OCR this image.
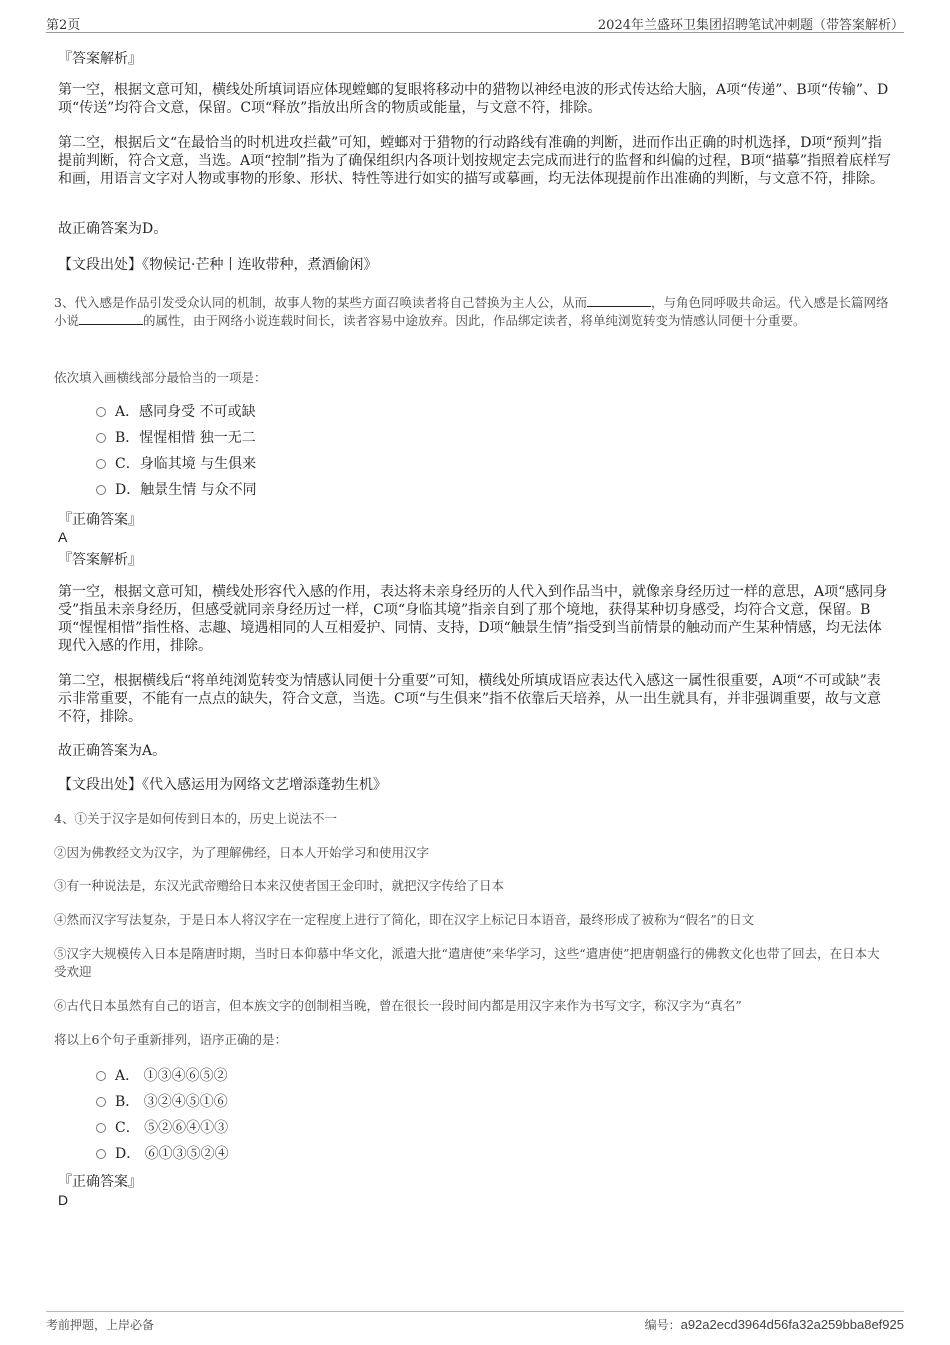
第2页	2024年兰盛环卫集团招聘笔试冲刺题（带答案解析）
『答案解析』

第一空，根据文意可知，横线处所填词语应体现螳螂的复眼将移动中的猎物以神经电波的形式传达给大脑，A项“传递”、B项“传输”、D项“传送”均符合文意，保留。C项“释放”指放出所含的物质或能量，与文意不符，排除。

第二空，根据后文“在最恰当的时机进攻拦截”可知，螳螂对于猎物的行动路线有准确的判断，进而作出正确的时机选择，D项“预判”指提前判断，符合文意，当选。A项“控制”指为了确保组织内各项计划按规定去完成而进行的监督和纠偏的过程，B项“描摹”指照着底样写和画，用语言文字对人物或事物的形象、形状、特性等进行如实的描写或摹画，均无法体现提前作出准确的判断，与文意不符，排除。

故正确答案为D。
【文段出处】《物候记·芒种丨连收带种，煮酒偷闲》

3、代入感是作品引发受众认同的机制，故事人物的某些方面召唤读者将自己替换为主人公，从而	，与角色同呼吸共命运。代入感是长篇网络小说	的属性，由于网络小说连载时间长，读者容易中途放弃。因此，作品绑定读者，将单纯浏览转变为情感认同便十分重要。

依次填入画横线部分最恰当的一项是：
A．感同身受 不可或缺
B．惺惺相惜 独一无二
C．身临其境 与生俱来
D．触景生情 与众不同
『正确答案』
A
『答案解析』

第一空，根据文意可知，横线处形容代入感的作用，表达将未亲身经历的人代入到作品当中，就像亲身经历过一样的意思，A项“感同身受”指虽未亲身经历，但感受就同亲身经历过一样，C项“身临其境”指亲自到了那个境地，获得某种切身感受，均符合文意，保留。B项“惺惺相惜”指性格、志趣、境遇相同的人互相爱护、同情、支持，D项“触景生情”指受到当前情景的触动而产生某种情感，均无法体现代入感的作用，排除。

第二空，根据横线后“将单纯浏览转变为情感认同便十分重要”可知，横线处所填成语应表达代入感这一属性很重要，A项“不可或缺”表示非常重要，不能有一点点的缺失，符合文意，当选。C项“与生俱来”指不依靠后天培养，从一出生就具有，并非强调重要，故与文意不符，排除。

故正确答案为A。
【文段出处】《代入感运用为网络文艺增添蓬勃生机》
4、①关于汉字是如何传到日本的，历史上说法不一
②因为佛教经文为汉字，为了理解佛经，日本人开始学习和使用汉字
③有一种说法是，东汉光武帝赠给日本来汉使者国王金印时，就把汉字传给了日本
④然而汉字写法复杂，于是日本人将汉字在一定程度上进行了简化，即在汉字上标记日本语音，最终形成了被称为“假名”的日文

⑤汉字大规模传入日本是隋唐时期，当时日本仰慕中华文化，派遣大批“遣唐使”来华学习，这些“遣唐使”把唐朝盛行的佛教文化也带了回去，在日本大受欢迎

⑥古代日本虽然有自己的语言，但本族文字的创制相当晚，曾在很长一段时间内都是用汉字来作为书写文字，称汉字为“真名”
将以上6个句子重新排列，语序正确的是：
A． ①③④⑥⑤②
B． ③②④⑤①⑥
C． ⑤②⑥④①③
D． ⑥①③⑤②④
『正确答案』
D
考前押题，上岸必备	编号：a92a2ecd3964d56fa32a259bba8ef925
